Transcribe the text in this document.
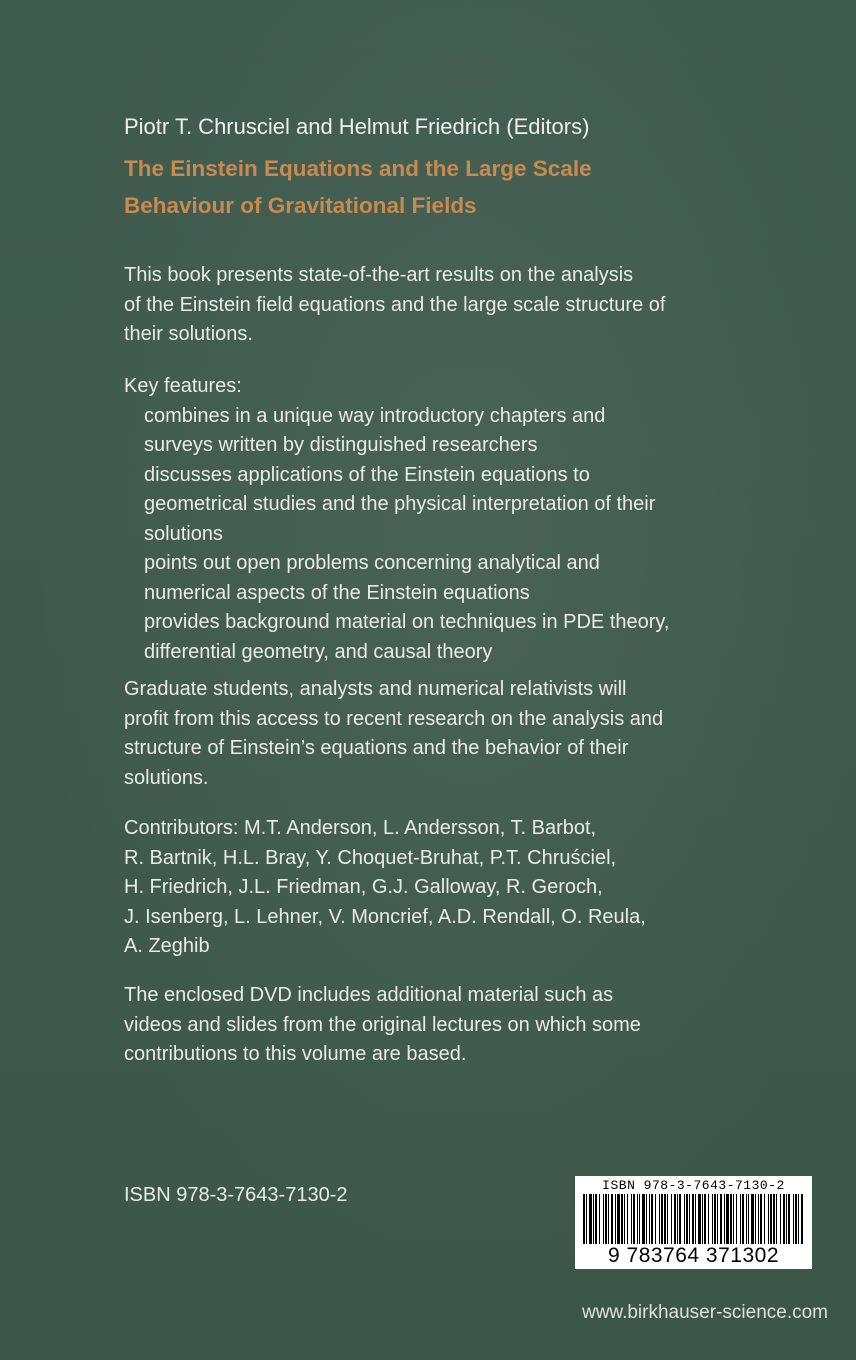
Piotr T. Chrusciel and Helmut Friedrich (Editors)

The Einstein Equations and the Large Scale
Behaviour of Gravitational Fields
This book presents state-of-the-art results on the analysis
of the Einstein field equations and the large scale structure of
their solutions.
Key features:
combines in a unique way introductory chapters and
surveys written by distinguished researchers
discusses applications of the Einstein equations to
geometrical studies and the physical interpretation of their
solutions
points out open problems concerning analytical and
numerical aspects of the Einstein equations
provides background material on techniques in PDE theory,
differential geometry, and causal theory
Graduate students, analysts and numerical relativists will
profit from this access to recent research on the analysis and
structure of Einstein’s equations and the behavior of their
solutions.
Contributors: M.T. Anderson, L. Andersson, T. Barbot,
R. Bartnik, H.L. Bray, Y. Choquet-Bruhat, P.T. Chruściel,
H. Friedrich, J.L. Friedman, G.J. Galloway, R. Geroch,
J. Isenberg, L. Lehner, V. Moncrief, A.D. Rendall, O. Reula,
A. Zeghib
The enclosed DVD includes additional material such as
videos and slides from the original lectures on which some
contributions to this volume are based.
ISBN 978-3-7643-7130-2	ISBN 978-3-7643-7130-2
9 783764 371302
www.birkhauser-science.com
